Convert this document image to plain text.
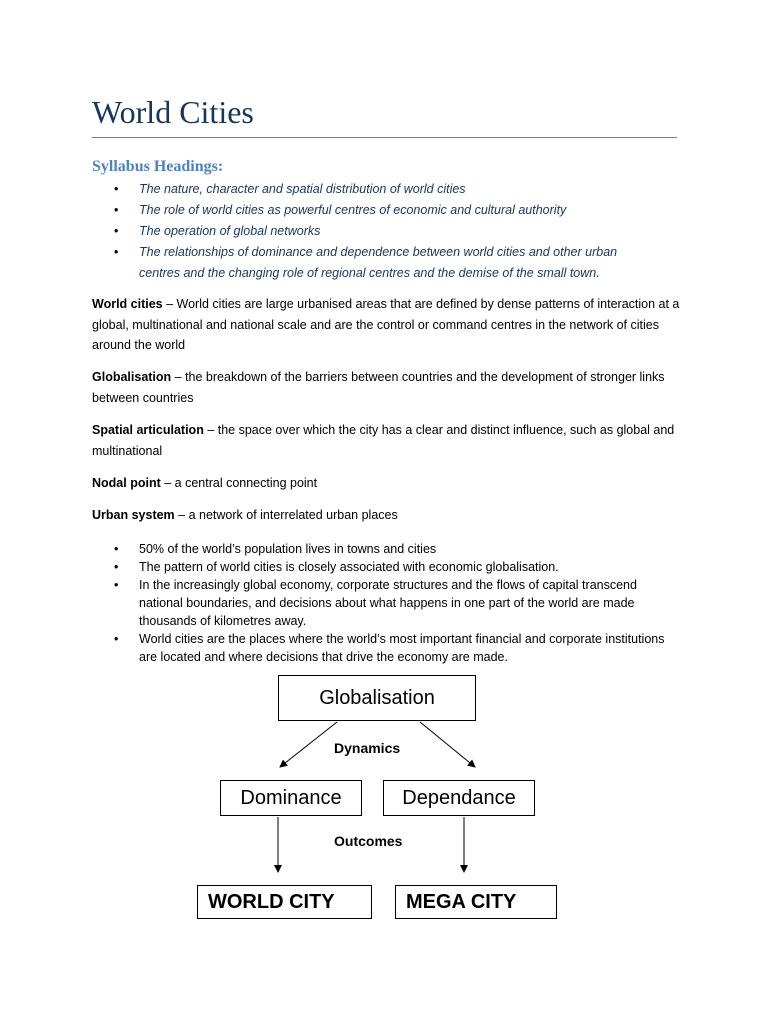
World Cities
Syllabus Headings:
• The nature, character and spatial distribution of world cities
• The role of world cities as powerful centres of economic and cultural authority
• The operation of global networks
• The relationships of dominance and dependence between world cities and other urban centres and the changing role of regional centres and the demise of the small town.

World cities – World cities are large urbanised areas that are defined by dense patterns of interaction at a global, multinational and national scale and are the control or command centres in the network of cities around the world

Globalisation – the breakdown of the barriers between countries and the development of stronger links between countries

Spatial articulation – the space over which the city has a clear and distinct influence, such as global and multinational

Nodal point – a central connecting point

Urban system – a network of interrelated urban places

• 50% of the world’s population lives in towns and cities
• The pattern of world cities is closely associated with economic globalisation.
• In the increasingly global economy, corporate structures and the flows of capital transcend national boundaries, and decisions about what happens in one part of the world are made thousands of kilometres away.
• World cities are the places where the world’s most important financial and corporate institutions are located and where decisions that drive the economy are made.
Globalisation
Dynamics
Dominance	Dependance
Outcomes
WORLD CITY	MEGA CITY
